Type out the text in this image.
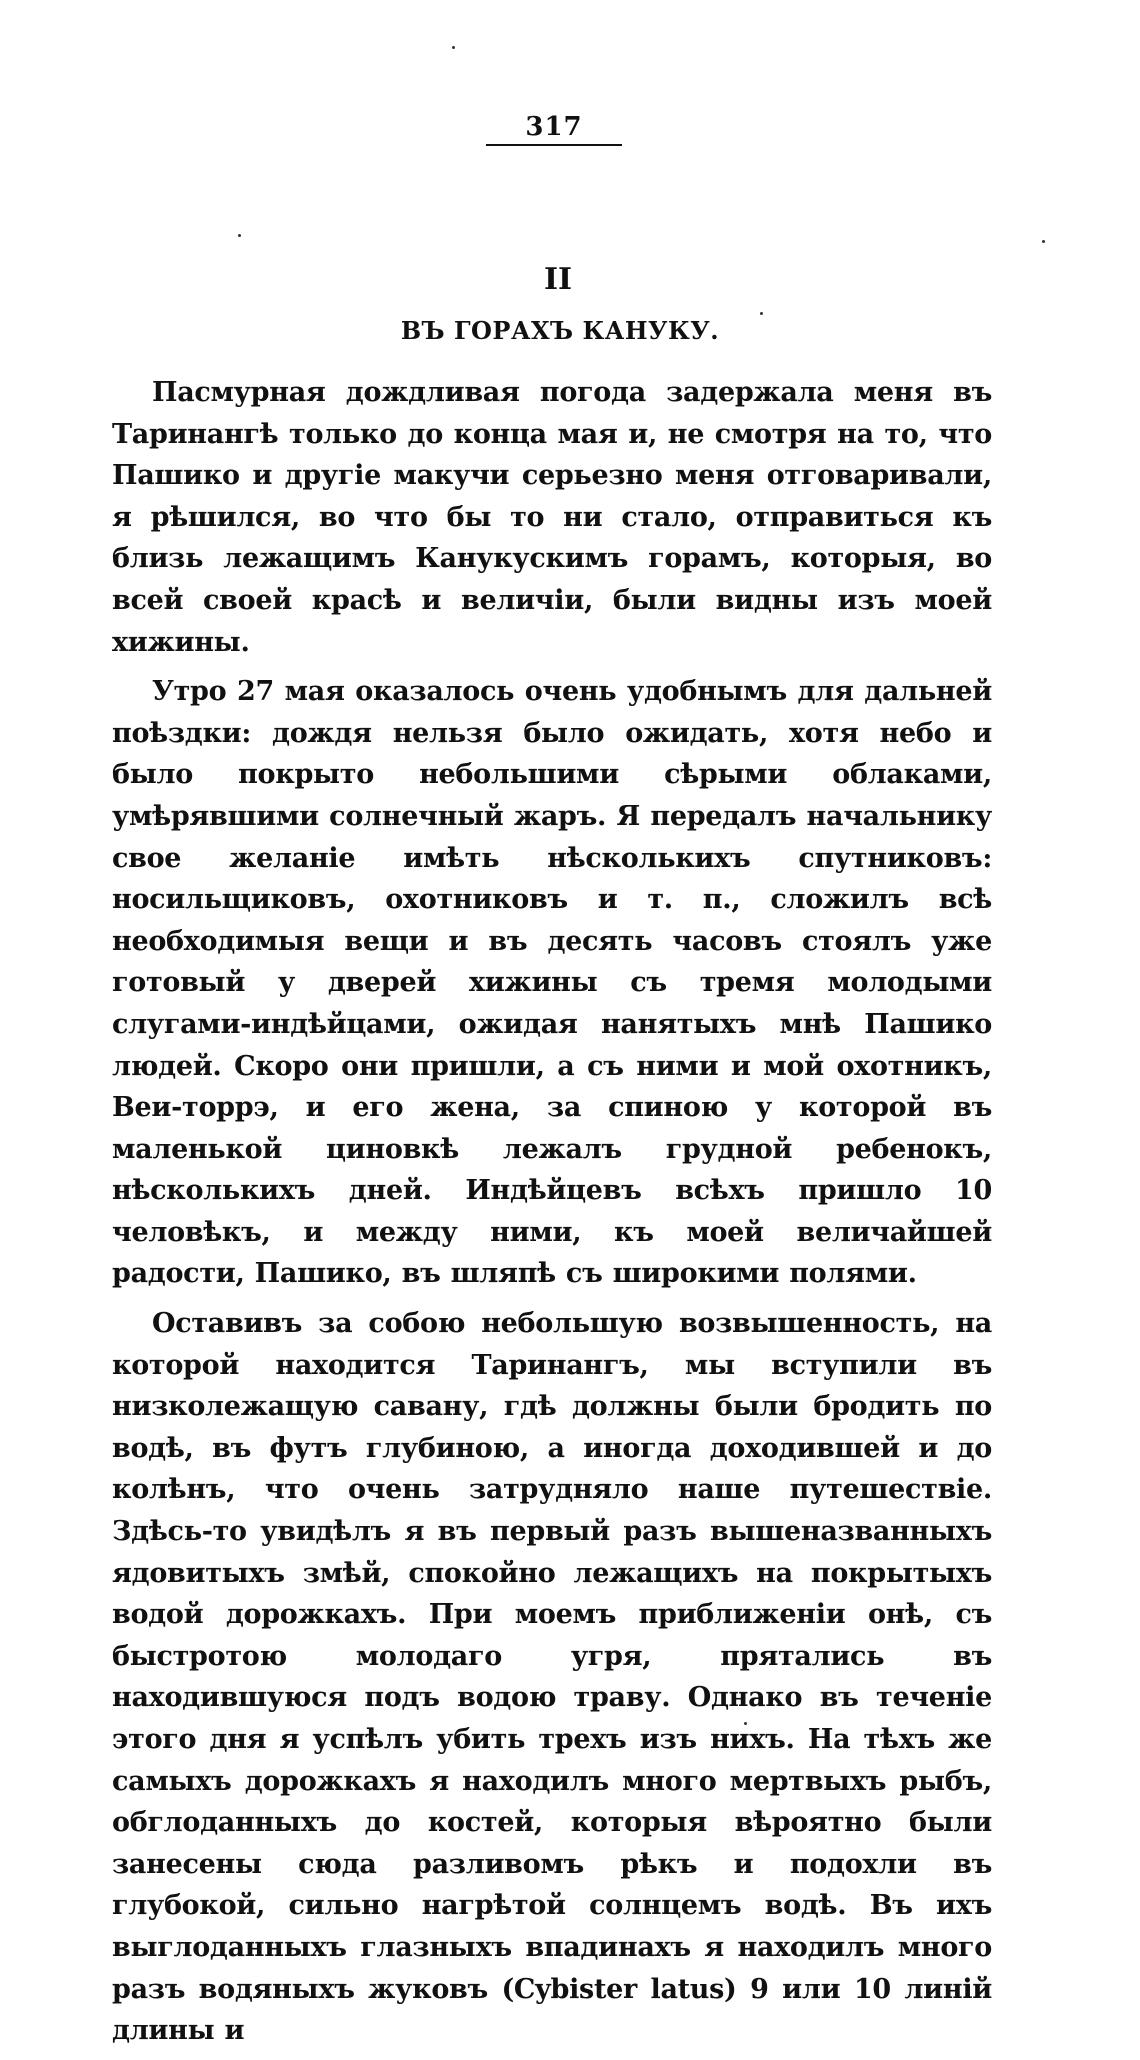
317
II
ВЪ ГОРАХЪ КАНУКУ.

Пасмурная дождливая погода задержала меня въ Таринангѣ только до конца мая и, не смотря на то, что Пашико и другіе макучи серьезно меня отговаривали, я рѣшился, во что бы то ни стало, отправиться къ близь лежащимъ Канукускимъ горамъ, которыя, во всей своей красѣ и величіи, были видны изъ моей хижины.

Утро 27 мая оказалось очень удобнымъ для дальней поѣздки: дождя нельзя было ожидать, хотя небо и было покрыто небольшими сѣрыми облаками, умѣрявшими солнечный жаръ. Я передалъ начальнику свое желаніе имѣть нѣсколькихъ спутниковъ: носильщиковъ, охотниковъ и т. п., сложилъ всѣ необходимыя вещи и въ десять часовъ стоялъ уже готовый у дверей хижины съ тремя молодыми слугами-индѣйцами, ожидая нанятыхъ мнѣ Пашико людей. Скоро они пришли, а съ ними и мой охотникъ, Веи-торрэ, и его жена, за спиною у которой въ маленькой циновкѣ лежалъ грудной ребенокъ, нѣсколькихъ дней. Индѣйцевъ всѣхъ пришло 10 человѣкъ, и между ними, къ моей величайшей радости, Пашико, въ шляпѣ съ широкими полями.

Оставивъ за собою небольшую возвышенность, на которой находится Таринангъ, мы вступили въ низколежащую савану, гдѣ должны были бродить по водѣ, въ футъ глубиною, а иногда доходившей и до колѣнъ, что очень затрудняло наше путешествіе. Здѣсь-то увидѣлъ я въ первый разъ вышеназванныхъ ядовитыхъ змѣй, спокойно лежащихъ на покрытыхъ водой дорожкахъ. При моемъ приближеніи онѣ, съ быстротою молодаго угря, прятались въ находившуюся подъ водою траву. Однако въ теченіе этого дня я успѣлъ убить трехъ изъ нихъ. На тѣхъ же самыхъ дорожкахъ я находилъ много мертвыхъ рыбъ, обглоданныхъ до костей, которыя вѣроятно были занесены сюда разливомъ рѣкъ и подохли въ глубокой, сильно нагрѣтой солнцемъ водѣ. Въ ихъ выглоданныхъ глазныхъ впадинахъ я находилъ много разъ водяныхъ жуковъ (Cybister latus) 9 или 10 линій длины и
